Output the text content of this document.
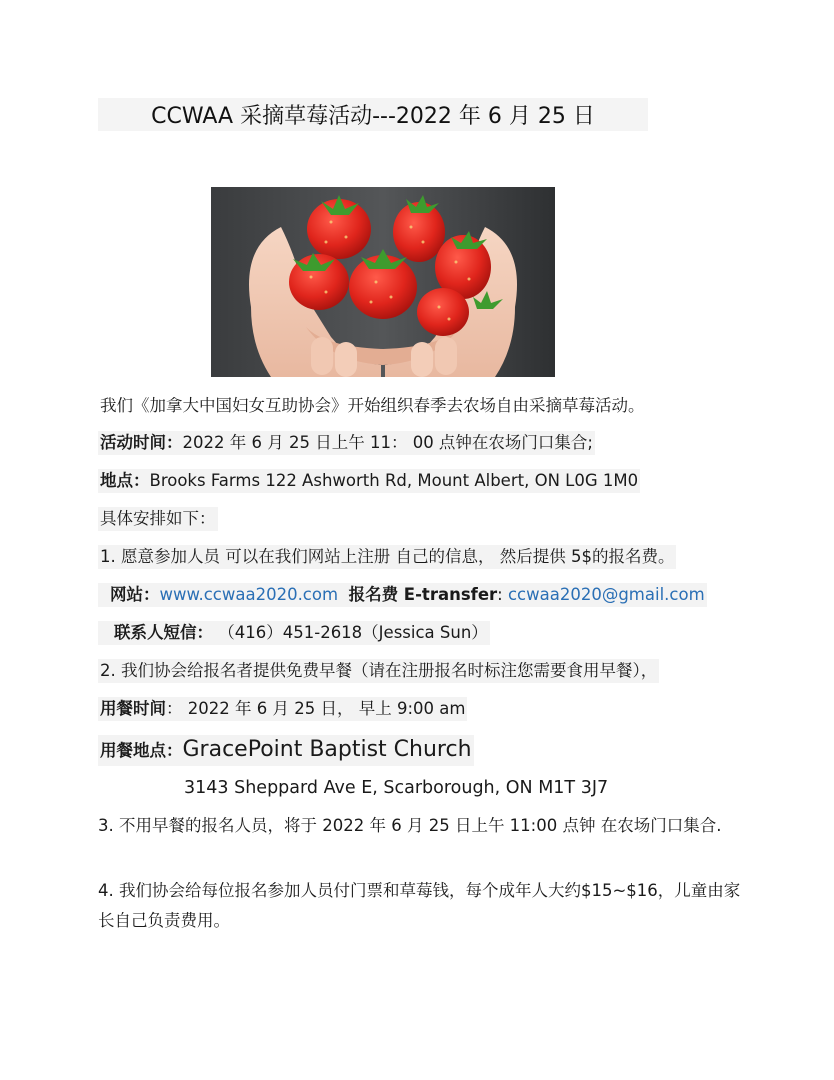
CCWAA 采摘草莓活动---2022 年 6 月 25 日
我们《加拿大中国妇女互助协会》开始组织春季去农场自由采摘草莓活动。
活动时间：2022 年 6 月 25 日上午 11： 00 点钟在农场门口集合;
地点：Brooks Farms 122 Ashworth Rd, Mount Albert, ON L0G 1M0
具体安排如下：
1. 愿意参加人员 可以在我们网站上注册 自己的信息， 然后提供 5$的报名费。
网站：www.ccwaa2020.com 报名费 E-transfer: ccwaa2020@gmail.com
联系人短信： （416）451-2618（Jessica Sun）
2. 我们协会给报名者提供免费早餐（请在注册报名时标注您需要食用早餐），
用餐时间： 2022 年 6 月 25 日， 早上 9:00 am
用餐地点：GracePoint Baptist Church
3143 Sheppard Ave E, Scarborough, ON M1T 3J7
3. 不用早餐的报名人员，将于 2022 年 6 月 25 日上午 11:00 点钟 在农场门口集合.
4. 我们协会给每位报名参加人员付门票和草莓钱，每个成年人大约$15~$16，儿童由家长自己负责费用。
